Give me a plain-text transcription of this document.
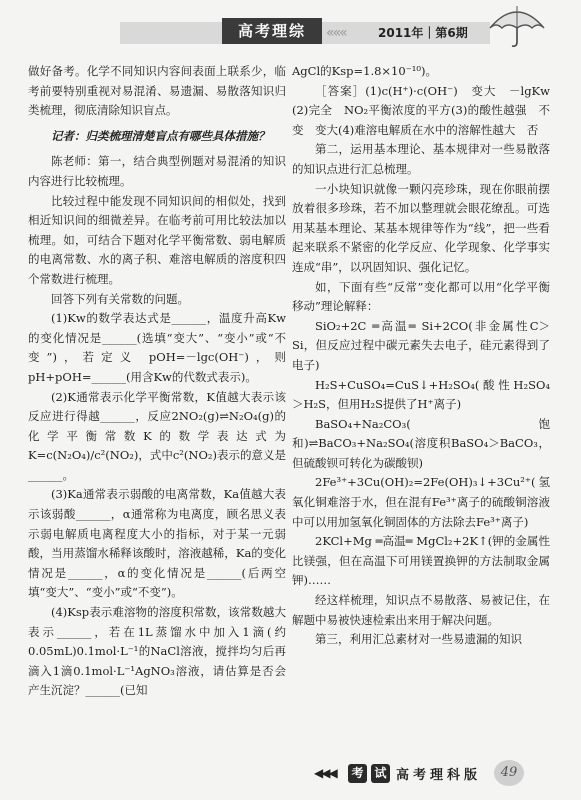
高考理综	«««	2011年｜第6期

做好备考。化学不同知识内容间表面上联系少，临考前要特别重视对易混淆、易遗漏、易散落知识归类梳理，彻底清除知识盲点。

记者：归类梳理清楚盲点有哪些具体措施？

陈老师：第一，结合典型例题对易混淆的知识内容进行比较梳理。

比较过程中能发现不同知识间的相似处，找到相近知识间的细微差异。在临考前可用比较法加以梳理。如，可结合下题对化学平衡常数、弱电解质的电离常数、水的离子积、难溶电解质的溶度积四个常数进行梳理。

回答下列有关常数的问题。

(1)Kw的数学表达式是______，温度升高Kw的变化情况是______(选填“变大”、“变小”或“不变”)，若定义 pOH=－lgc(OH⁻)，则pH+pOH=______(用含Kw的代数式表示)。

(2)K通常表示化学平衡常数，K值越大表示该反应进行得越______，反应2NO₂(g)⇌N₂O₄(g)的化学平衡常数K的数学表达式为K=c(N₂O₄)/c²(NO₂)，式中c²(NO₂)表示的意义是______。

(3)Ka通常表示弱酸的电离常数，Ka值越大表示该弱酸______，α通常称为电离度，顾名思义表示弱电解质电离程度大小的指标，对于某一元弱酸，当用蒸馏水稀释该酸时，溶液越稀，Ka的变化情况是______，α的变化情况是______(后两空填“变大”、“变小”或“不变”)。

(4)Ksp表示难溶物的溶度积常数，该常数越大表示______，若在1L蒸馏水中加入1滴(约0.05mL)0.1mol·L⁻¹的NaCl溶液，搅拌均匀后再滴入1滴0.1mol·L⁻¹AgNO₃溶液，请估算是否会产生沉淀？______(已知

AgCl的Ksp=1.8×10⁻¹⁰)。

［答案］(1)c(H⁺)·c(OH⁻)　变大　－lgKw (2)完全　NO₂平衡浓度的平方(3)的酸性越强　不变　变大(4)难溶电解质在水中的溶解性越大　否

第二，运用基本理论、基本规律对一些易散落的知识点进行汇总梳理。

一小块知识就像一颗闪亮珍珠，现在你眼前摆放着很多珍珠，若不加以整理就会眼花缭乱。可选用某基本理论、某基本规律等作为“线”，把一些看起来联系不紧密的化学反应、化学现象、化学事实连成“串”，以巩固知识、强化记忆。

如，下面有些“反常”变化都可以用“化学平衡移动”理论解释：

SiO₂+2C ═高温═ Si+2CO(非金属性C＞Si，但反应过程中碳元素失去电子，硅元素得到了电子)

H₂S+CuSO₄=CuS↓+H₂SO₄(酸性H₂SO₄＞H₂S，但用H₂S提供了H⁺离子)

BaSO₄+Na₂CO₃(饱和)⇌BaCO₃+Na₂SO₄(溶度积BaSO₄＞BaCO₃，但硫酸钡可转化为碳酸钡)

2Fe³⁺+3Cu(OH)₂=2Fe(OH)₃↓+3Cu²⁺(氢氧化铜难溶于水，但在混有Fe³⁺离子的硫酸铜溶液中可以用加氢氧化铜固体的方法除去Fe³⁺离子)

2KCl+Mg ═高温═ MgCl₂+2K↑(钾的金属性比镁强，但在高温下可用镁置换钾的方法制取金属钾)……

经这样梳理，知识点不易散落、易被记住，在解题中易被快速检索出来用于解决问题。

第三，利用汇总素材对一些易遗漏的知识

◀◀◀ 考 试 高考理科版	49
